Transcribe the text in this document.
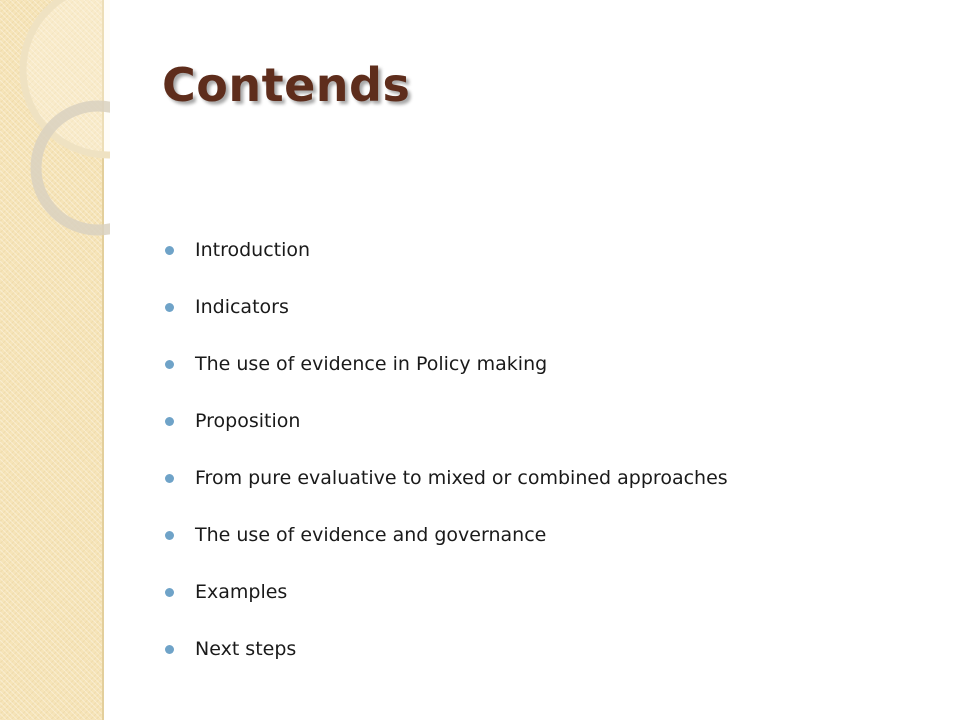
Contends
Introduction
Indicators
The use of evidence in Policy making
Proposition
From pure evaluative to mixed or combined approaches
The use of evidence and governance
Examples
Next steps
